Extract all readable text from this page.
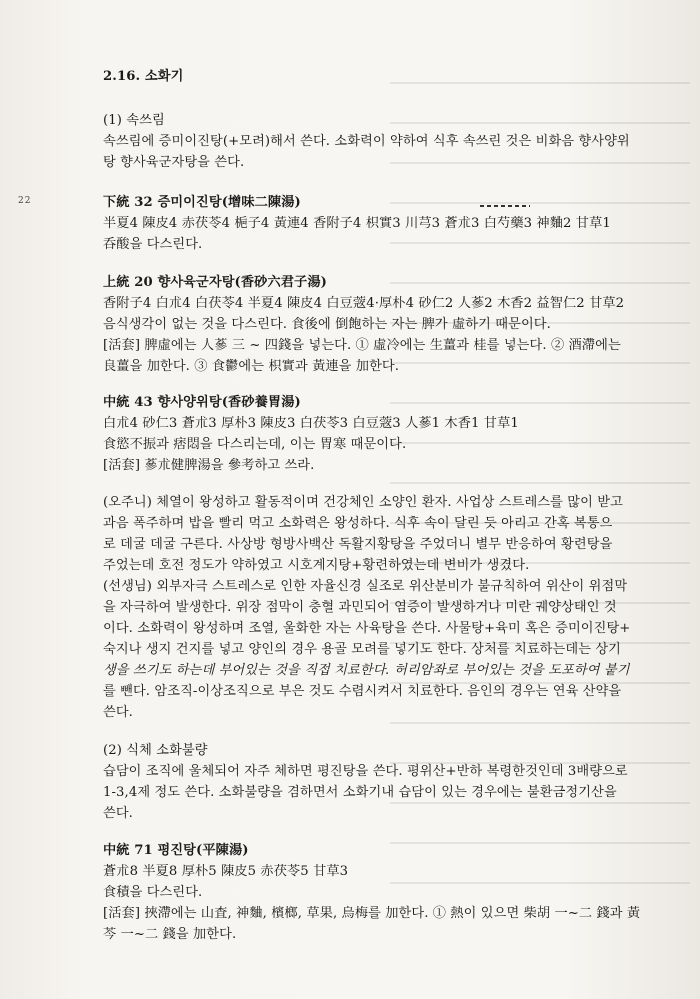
22
2.16. 소화기
(1) 속쓰림
속쓰림에 증미이진탕(+모려)해서 쓴다. 소화력이 약하여 식후 속쓰린 것은 비화음 향사양위
탕 향사육군자탕을 쓴다.
下統 32 증미이진탕(增味二陳湯)
半夏4 陳皮4 赤茯苓4 梔子4 黃連4 香附子4 枳實3 川芎3 蒼朮3 白芍藥3 神麯2 甘草1
呑酸을 다스린다.
上統 20 향사육군자탕(香砂六君子湯)
香附子4 白朮4 白茯苓4 半夏4 陳皮4 白豆蔲4·厚朴4 砂仁2 人蔘2 木香2 益智仁2 甘草2
음식생각이 없는 것을 다스린다. 食後에 倒飽하는 자는 脾가 虛하기 때문이다.
[活套] 脾虛에는 人蔘 三 ~ 四錢을 넣는다. ① 虛冷에는 生薑과 桂를 넣는다. ② 酒滯에는
良薑을 加한다. ③ 食鬱에는 枳實과 黃連을 加한다.
中統 43 향사양위탕(香砂養胃湯)
白朮4 砂仁3 蒼朮3 厚朴3 陳皮3 白茯苓3 白豆蔲3 人蔘1 木香1 甘草1
食慾不振과 痞悶을 다스리는데, 이는 胃寒 때문이다.
[活套] 蔘朮健脾湯을 參考하고 쓰라.
(오주니) 체열이 왕성하고 활동적이며 건강체인 소양인 환자. 사업상 스트레스를 많이 받고
과음 폭주하며 밥을 빨리 먹고 소화력은 왕성하다. 식후 속이 달린 듯 아리고 간혹 복통으
로 데굴 데굴 구른다. 사상방 형방사백산 독활지황탕을 주었더니 별무 반응하여 황련탕을
주었는데 호전 정도가 약하였고 시호계지탕+황련하였는데 변비가 생겼다.
(선생님) 외부자극 스트레스로 인한 자율신경 실조로 위산분비가 불규칙하여 위산이 위점막
을 자극하여 발생한다. 위장 점막이 충혈 과민되어 염증이 발생하거나 미란 궤양상태인 것
이다. 소화력이 왕성하며 조열, 울화한 자는 사육탕을 쓴다. 사물탕+육미 혹은 증미이진탕+
숙지나 생지 건지를 넣고 양인의 경우 용골 모려를 넣기도 한다. 상처를 치료하는데는 상기
생을 쓰기도 하는데 부어있는 것을 직접 치료한다. 허리암좌로 부어있는 것을 도포하여 붙기
를 뺀다. 암조직-이상조직으로 부은 것도 수렴시켜서 치료한다. 음인의 경우는 연육 산약을
쓴다.
(2) 식체 소화불량
습담이 조직에 울체되어 자주 체하면 평진탕을 쓴다. 평위산+반하 복령한것인데 3배량으로
1-3,4제 정도 쓴다. 소화불량을 겸하면서 소화기내 습담이 있는 경우에는 불환금정기산을
쓴다.
中統 71 평진탕(平陳湯)
蒼朮8 半夏8 厚朴5 陳皮5 赤茯苓5 甘草3
食積을 다스린다.
[活套] 挾滯에는 山査, 神麯, 檳榔, 草果, 烏梅를 加한다. ① 熱이 있으면 柴胡 一~二 錢과 黃
芩 一~二 錢을 加한다.
